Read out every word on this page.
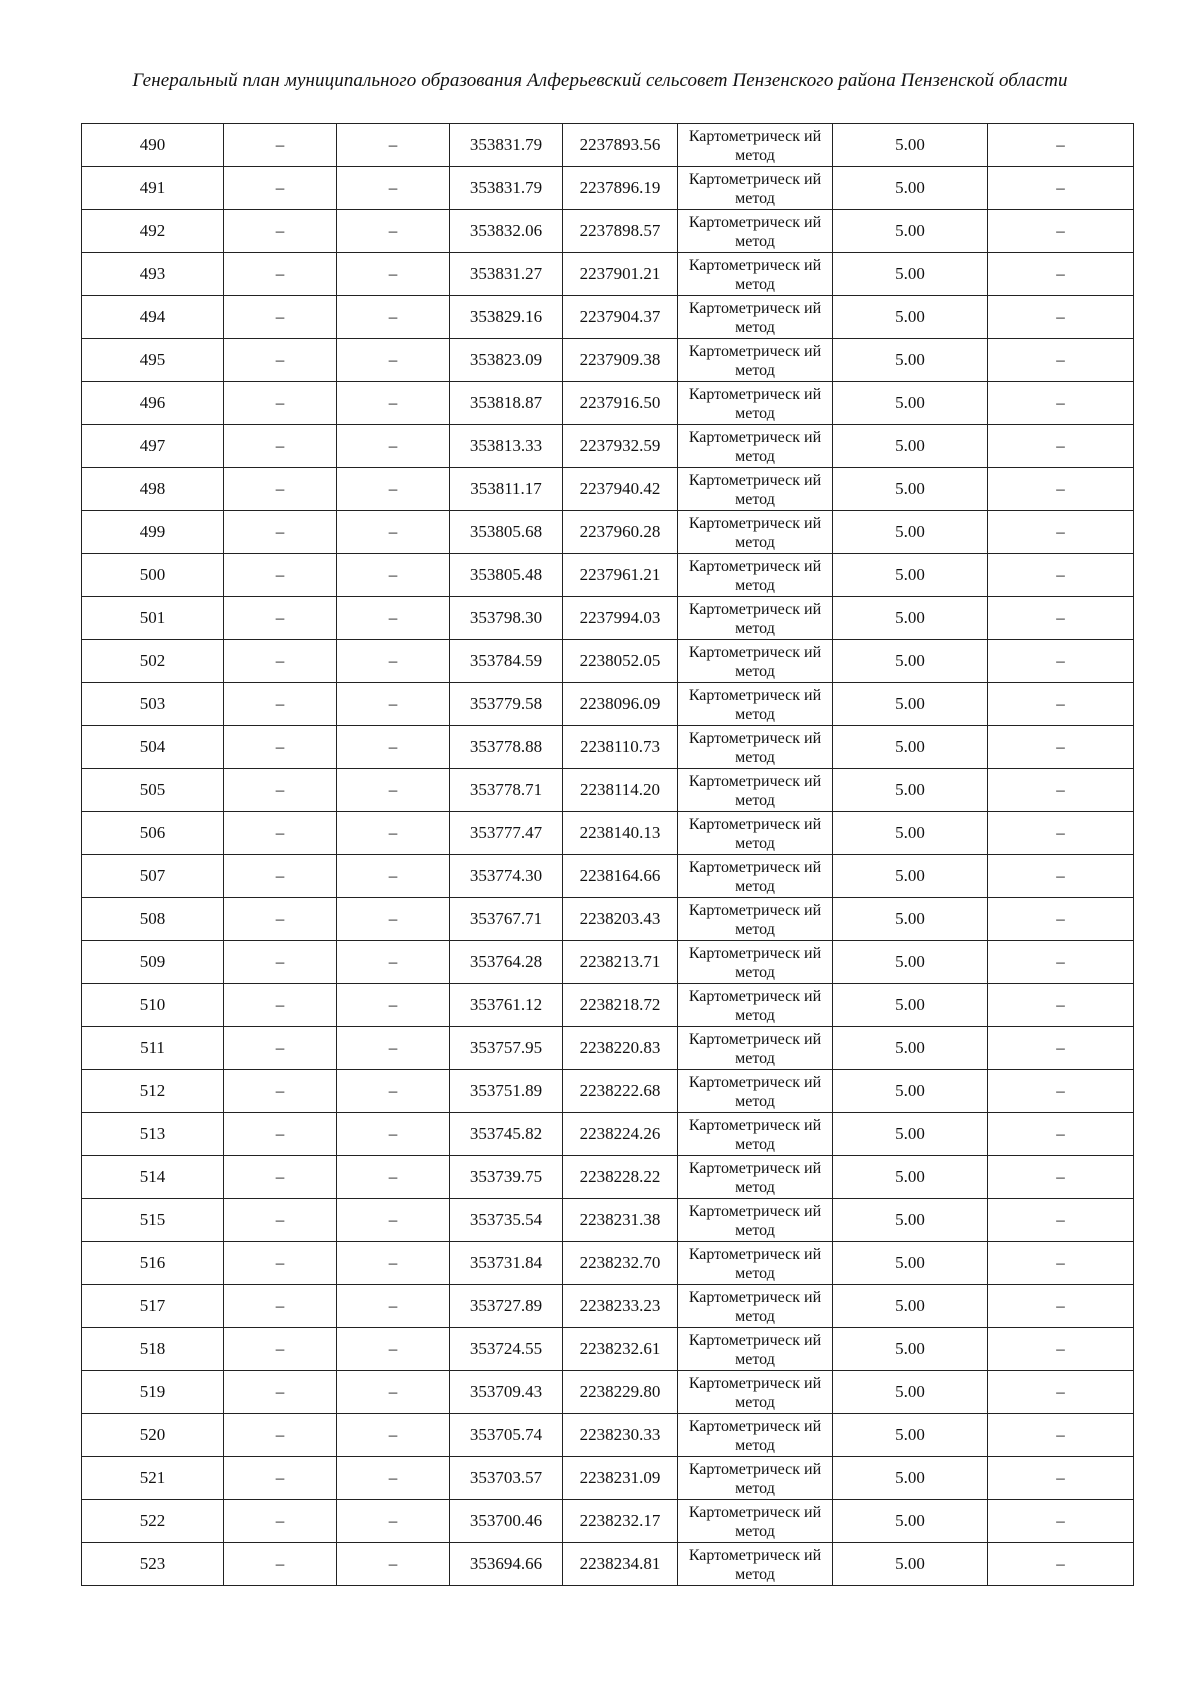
Генеральный план муниципального образования Алферьевский сельсовет Пензенского района Пензенской области
490	–	–	353831.79	2237893.56	Картометрическ ий метод	5.00	–
491	–	–	353831.79	2237896.19	Картометрическ ий метод	5.00	–
492	–	–	353832.06	2237898.57	Картометрическ ий метод	5.00	–
493	–	–	353831.27	2237901.21	Картометрическ ий метод	5.00	–
494	–	–	353829.16	2237904.37	Картометрическ ий метод	5.00	–
495	–	–	353823.09	2237909.38	Картометрическ ий метод	5.00	–
496	–	–	353818.87	2237916.50	Картометрическ ий метод	5.00	–
497	–	–	353813.33	2237932.59	Картометрическ ий метод	5.00	–
498	–	–	353811.17	2237940.42	Картометрическ ий метод	5.00	–
499	–	–	353805.68	2237960.28	Картометрическ ий метод	5.00	–
500	–	–	353805.48	2237961.21	Картометрическ ий метод	5.00	–
501	–	–	353798.30	2237994.03	Картометрическ ий метод	5.00	–
502	–	–	353784.59	2238052.05	Картометрическ ий метод	5.00	–
503	–	–	353779.58	2238096.09	Картометрическ ий метод	5.00	–
504	–	–	353778.88	2238110.73	Картометрическ ий метод	5.00	–
505	–	–	353778.71	2238114.20	Картометрическ ий метод	5.00	–
506	–	–	353777.47	2238140.13	Картометрическ ий метод	5.00	–
507	–	–	353774.30	2238164.66	Картометрическ ий метод	5.00	–
508	–	–	353767.71	2238203.43	Картометрическ ий метод	5.00	–
509	–	–	353764.28	2238213.71	Картометрическ ий метод	5.00	–
510	–	–	353761.12	2238218.72	Картометрическ ий метод	5.00	–
511	–	–	353757.95	2238220.83	Картометрическ ий метод	5.00	–
512	–	–	353751.89	2238222.68	Картометрическ ий метод	5.00	–
513	–	–	353745.82	2238224.26	Картометрическ ий метод	5.00	–
514	–	–	353739.75	2238228.22	Картометрическ ий метод	5.00	–
515	–	–	353735.54	2238231.38	Картометрическ ий метод	5.00	–
516	–	–	353731.84	2238232.70	Картометрическ ий метод	5.00	–
517	–	–	353727.89	2238233.23	Картометрическ ий метод	5.00	–
518	–	–	353724.55	2238232.61	Картометрическ ий метод	5.00	–
519	–	–	353709.43	2238229.80	Картометрическ ий метод	5.00	–
520	–	–	353705.74	2238230.33	Картометрическ ий метод	5.00	–
521	–	–	353703.57	2238231.09	Картометрическ ий метод	5.00	–
522	–	–	353700.46	2238232.17	Картометрическ ий метод	5.00	–
523	–	–	353694.66	2238234.81	Картометрическ ий метод	5.00	–
